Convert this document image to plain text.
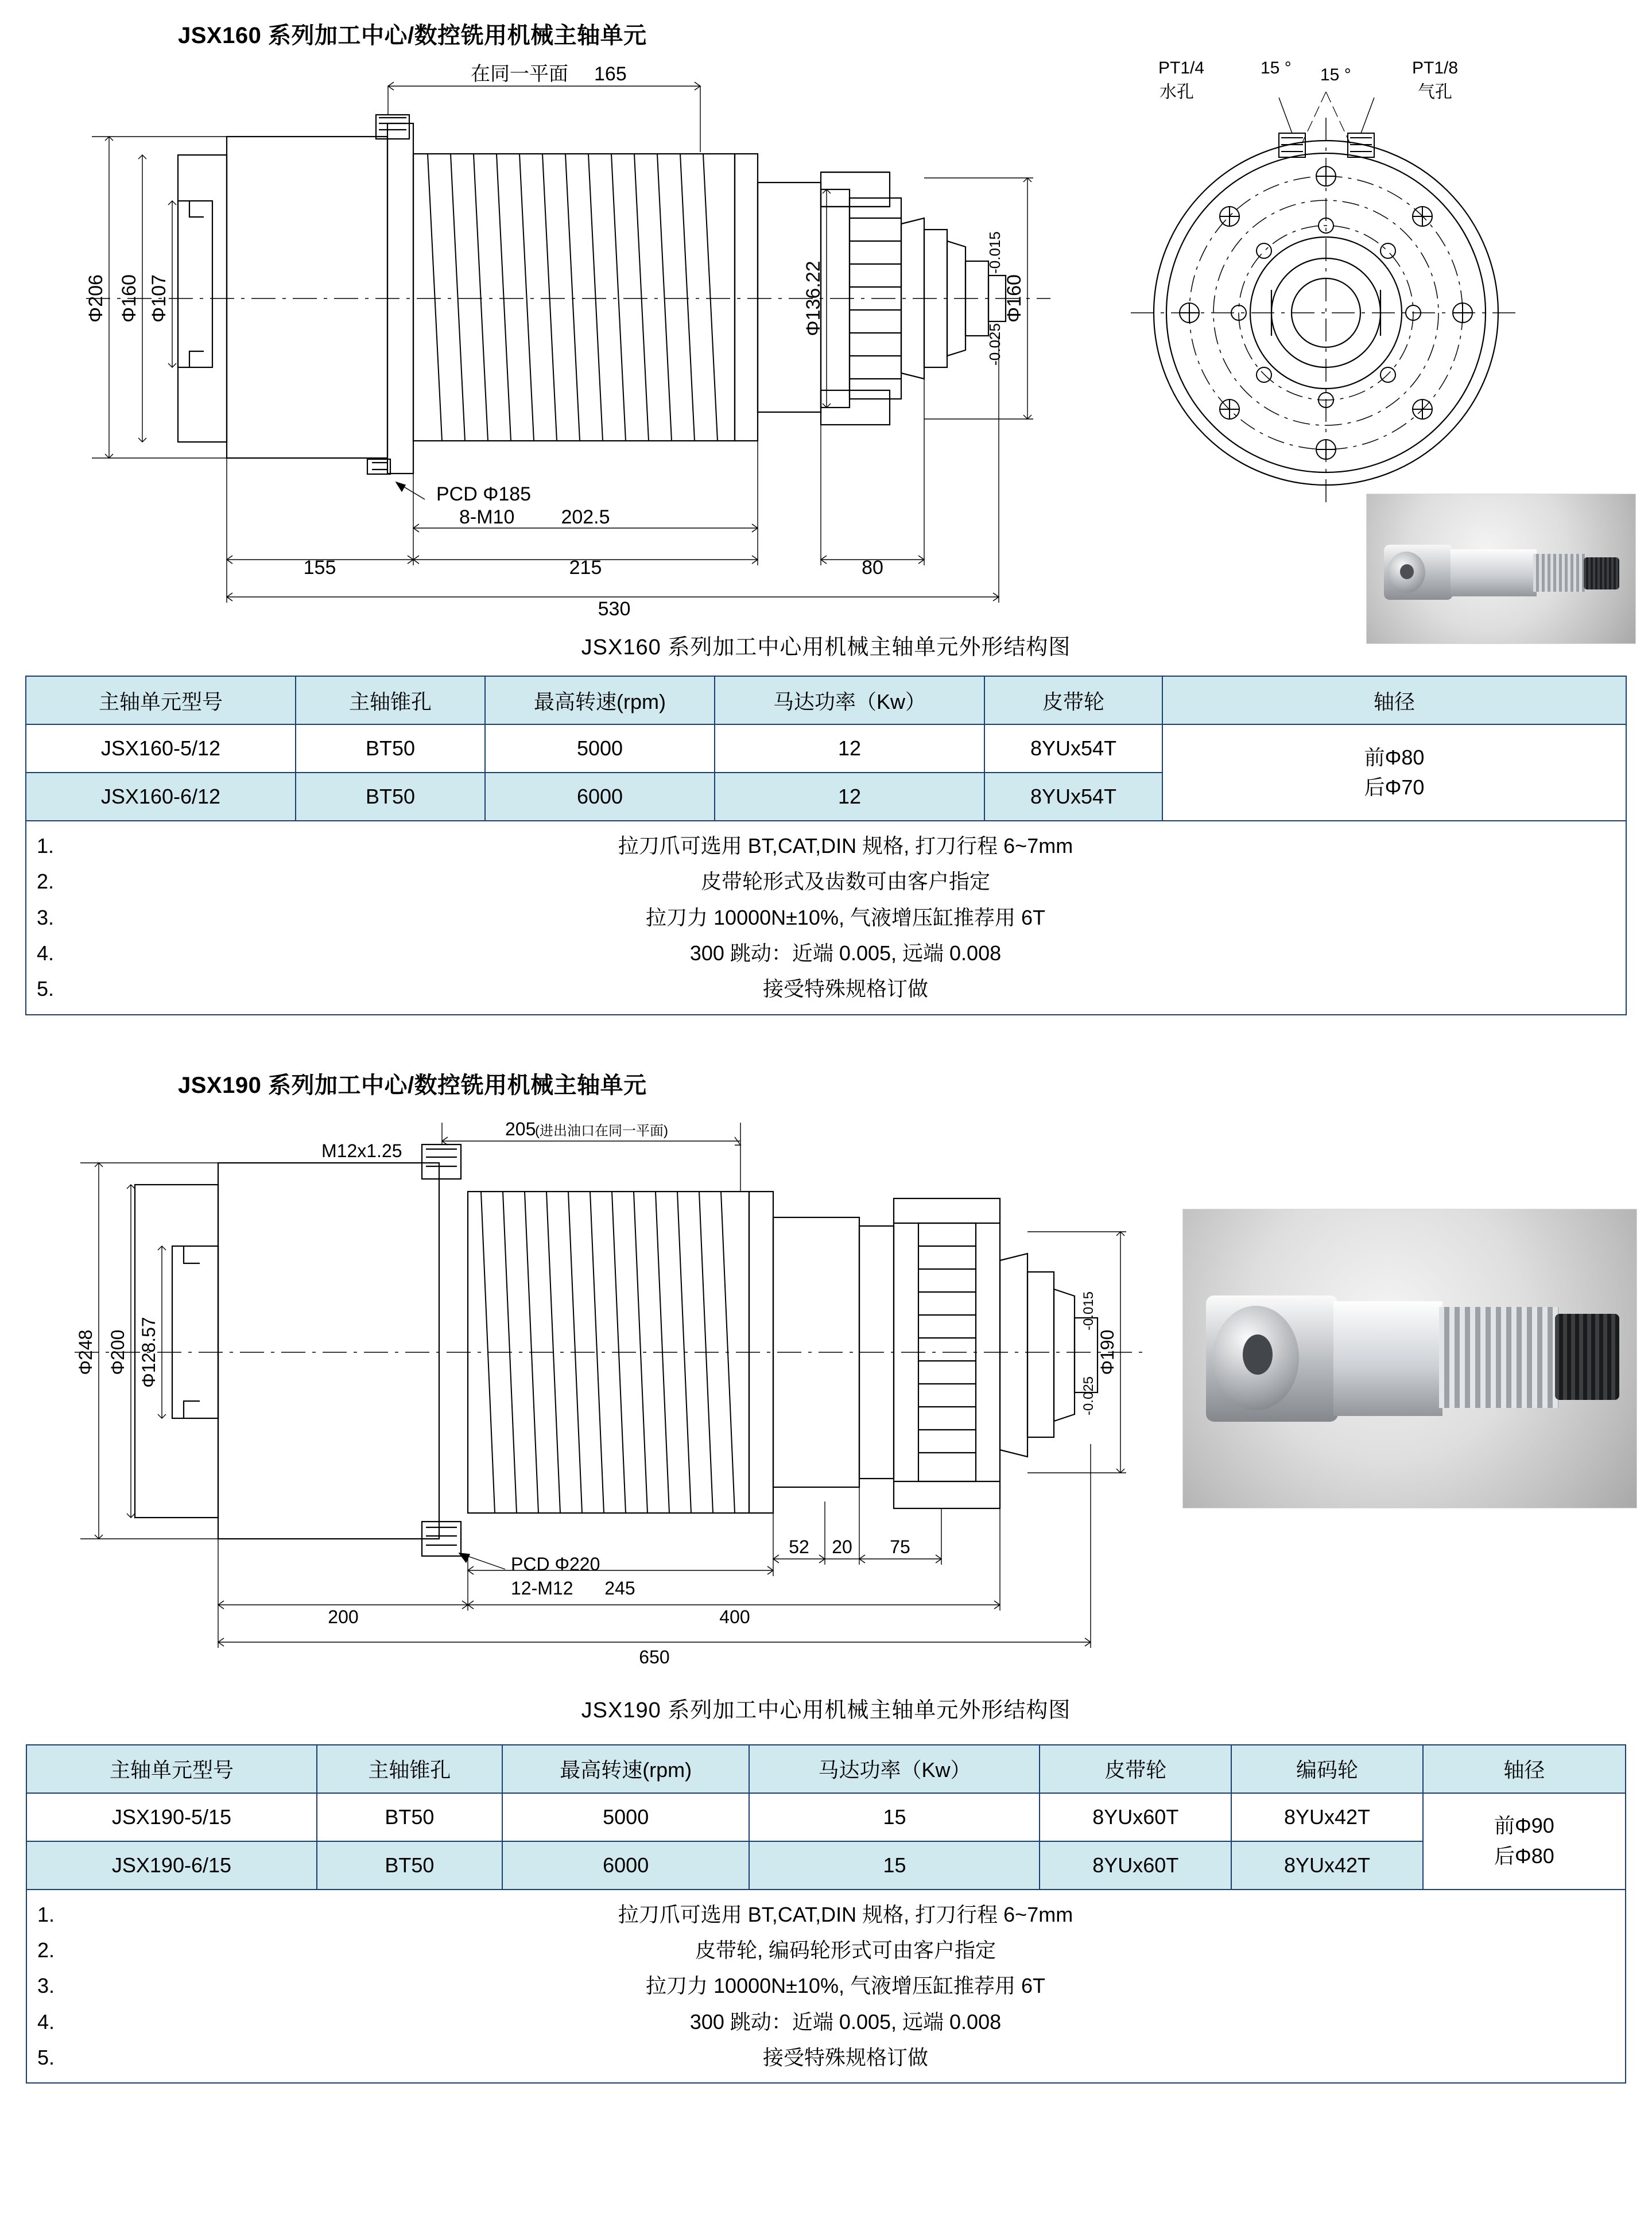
JSX160 系列加工中心/数控铣用机械主轴单元
在同一平面 165
Φ206 Φ160 Φ107	Φ136.22	Φ160
-0.015
-0.025
PCD Φ185
8-M10 202.5
155	215	80
530
PT1/4
水孔
PT1/8
气孔
15 ° 15 °
JSX160 系列加工中心用机械主轴单元外形结构图
主轴单元型号	主轴锥孔	最高转速(rpm)	马达功率（Kw）	皮带轮	轴径
JSX160-5/12	BT50	5000	12	8YUx54T	前Φ80
后Φ70

JSX160-6/12	BT50	6000	12	8YUx54T	

1. 拉刀爪可选用 BT,CAT,DIN 规格, 打刀行程 6~7mm
2. 皮带轮形式及齿数可由客户指定
3. 拉刀力 10000N±10%, 气液增压缸推荐用 6T
4. 300 跳动：近端 0.005, 远端 0.008
5. 接受特殊规格订做
JSX190 系列加工中心/数控铣用机械主轴单元
M12x1.25
205
(进出油口在同一平面)
Φ248 Φ200 Φ128.57	Φ190
-0.015
-0.025
PCD Φ220
12-M12 245
200	400
52 20 75
650
JSX190 系列加工中心用机械主轴单元外形结构图
主轴单元型号	主轴锥孔	最高转速(rpm)	马达功率（Kw）	皮带轮	编码轮	轴径
JSX190-5/15	BT50	5000	15	8YUx60T	8YUx42T	前Φ90
后Φ80

JSX190-6/15	BT50	6000	15	8YUx60T	8YUx42T	

1. 拉刀爪可选用 BT,CAT,DIN 规格, 打刀行程 6~7mm
2. 皮带轮, 编码轮形式可由客户指定
3. 拉刀力 10000N±10%, 气液增压缸推荐用 6T
4. 300 跳动：近端 0.005, 远端 0.008
5. 接受特殊规格订做
